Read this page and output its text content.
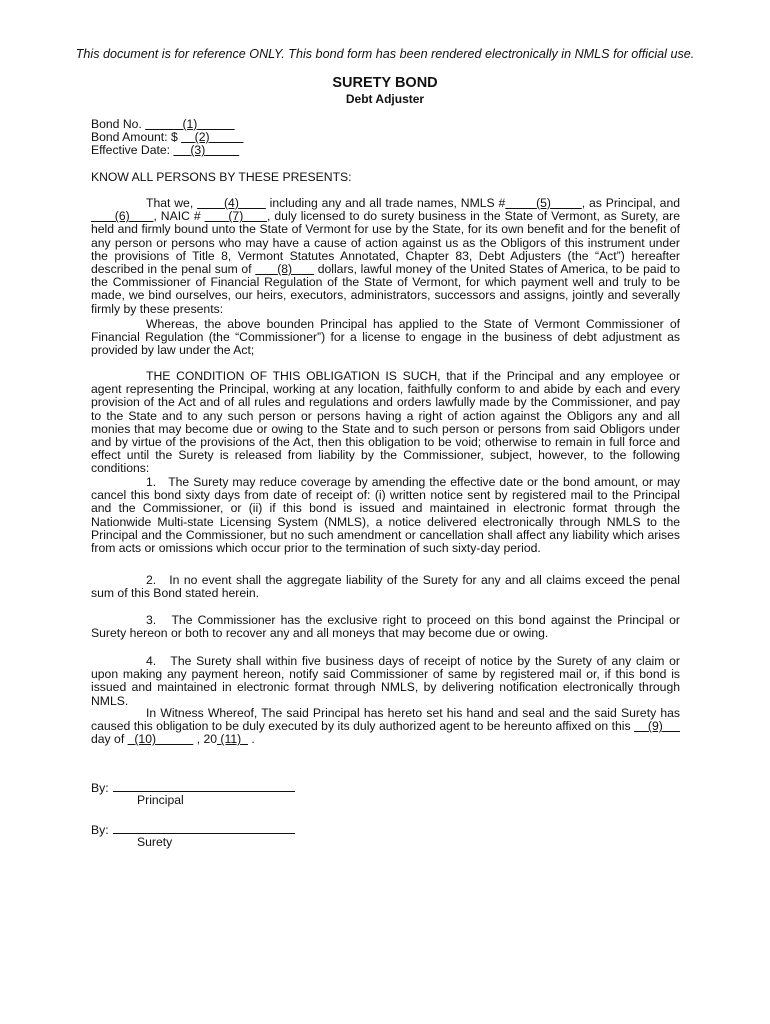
This document is for reference ONLY. This bond form has been rendered electronically in NMLS for official use.
SURETY BOND
Debt Adjuster
Bond No.	(1)
Bond Amount: $ (2)
Effective Date: (3)
KNOW ALL PERSONS BY THESE PRESENTS:
That we,        (4)        including any and all trade names, NMLS #	(5)	, as Principal, and       (6) , NAIC #       (7) , duly licensed to do surety business in the State of Vermont, as Surety, are held and firmly bound unto the State of Vermont for use by the State, for its own benefit and for the benefit of any person or persons who may have a cause of action against us as the Obligors of this instrument under the provisions of Title 8, Vermont Statutes Annotated, Chapter 83, Debt Adjusters (the “Act”) hereafter described in the penal sum of       (8)       dollars, lawful money of the United States of America, to be paid to the Commissioner of Financial Regulation of the State of Vermont, for which payment well and truly to be made, we bind ourselves, our heirs, executors, administrators, successors and assigns, jointly and severally firmly by these presents:
Whereas, the above bounden Principal has applied to the State of Vermont Commissioner of Financial Regulation (the “Commissioner”) for a license to engage in the business of debt adjustment as provided by law under the Act;
THE CONDITION OF THIS OBLIGATION IS SUCH, that if the Principal and any employee or agent representing the Principal, working at any location, faithfully conform to and abide by each and every provision of the Act and of all rules and regulations and orders lawfully made by the Commissioner, and pay to the State and to any such person or persons having a right of action against the Obligors any and all monies that may become due or owing to the State and to such person or persons from said Obligors under and by virtue of the provisions of the Act, then this obligation to be void; otherwise to remain in full force and effect until the Surety is released from liability by the Commissioner, subject, however, to the following conditions:
1.   The Surety may reduce coverage by amending the effective date or the bond amount, or may cancel this bond sixty days from date of receipt of: (i) written notice sent by registered mail to the Principal and the Commissioner, or (ii) if this bond is issued and maintained in electronic format through the Nationwide Multi-state Licensing System (NMLS), a notice delivered electronically through NMLS to the Principal and the Commissioner, but no such amendment or cancellation shall affect any liability which arises from acts or omissions which occur prior to the termination of such sixty-day period.
2.   In no event shall the aggregate liability of the Surety for any and all claims exceed the penal sum of this Bond stated herein.
3.   The Commissioner has the exclusive right to proceed on this bond against the Principal or Surety hereon or both to recover any and all moneys that may become due or owing.
4.   The Surety shall within five business days of receipt of notice by the Surety of any claim or upon making any payment hereon, notify said Commissioner of same by registered mail or, if this bond is issued and maintained in electronic format through NMLS, by delivering notification electronically through NMLS.
In Witness Whereof, The said Principal has hereto set his hand and seal and the said Surety has caused this obligation to be duly executed by its duly authorized agent to be hereunto affixed on this     (9)      day of   (10)	, 20 (11)   .
By:
Principal
By:
Surety
